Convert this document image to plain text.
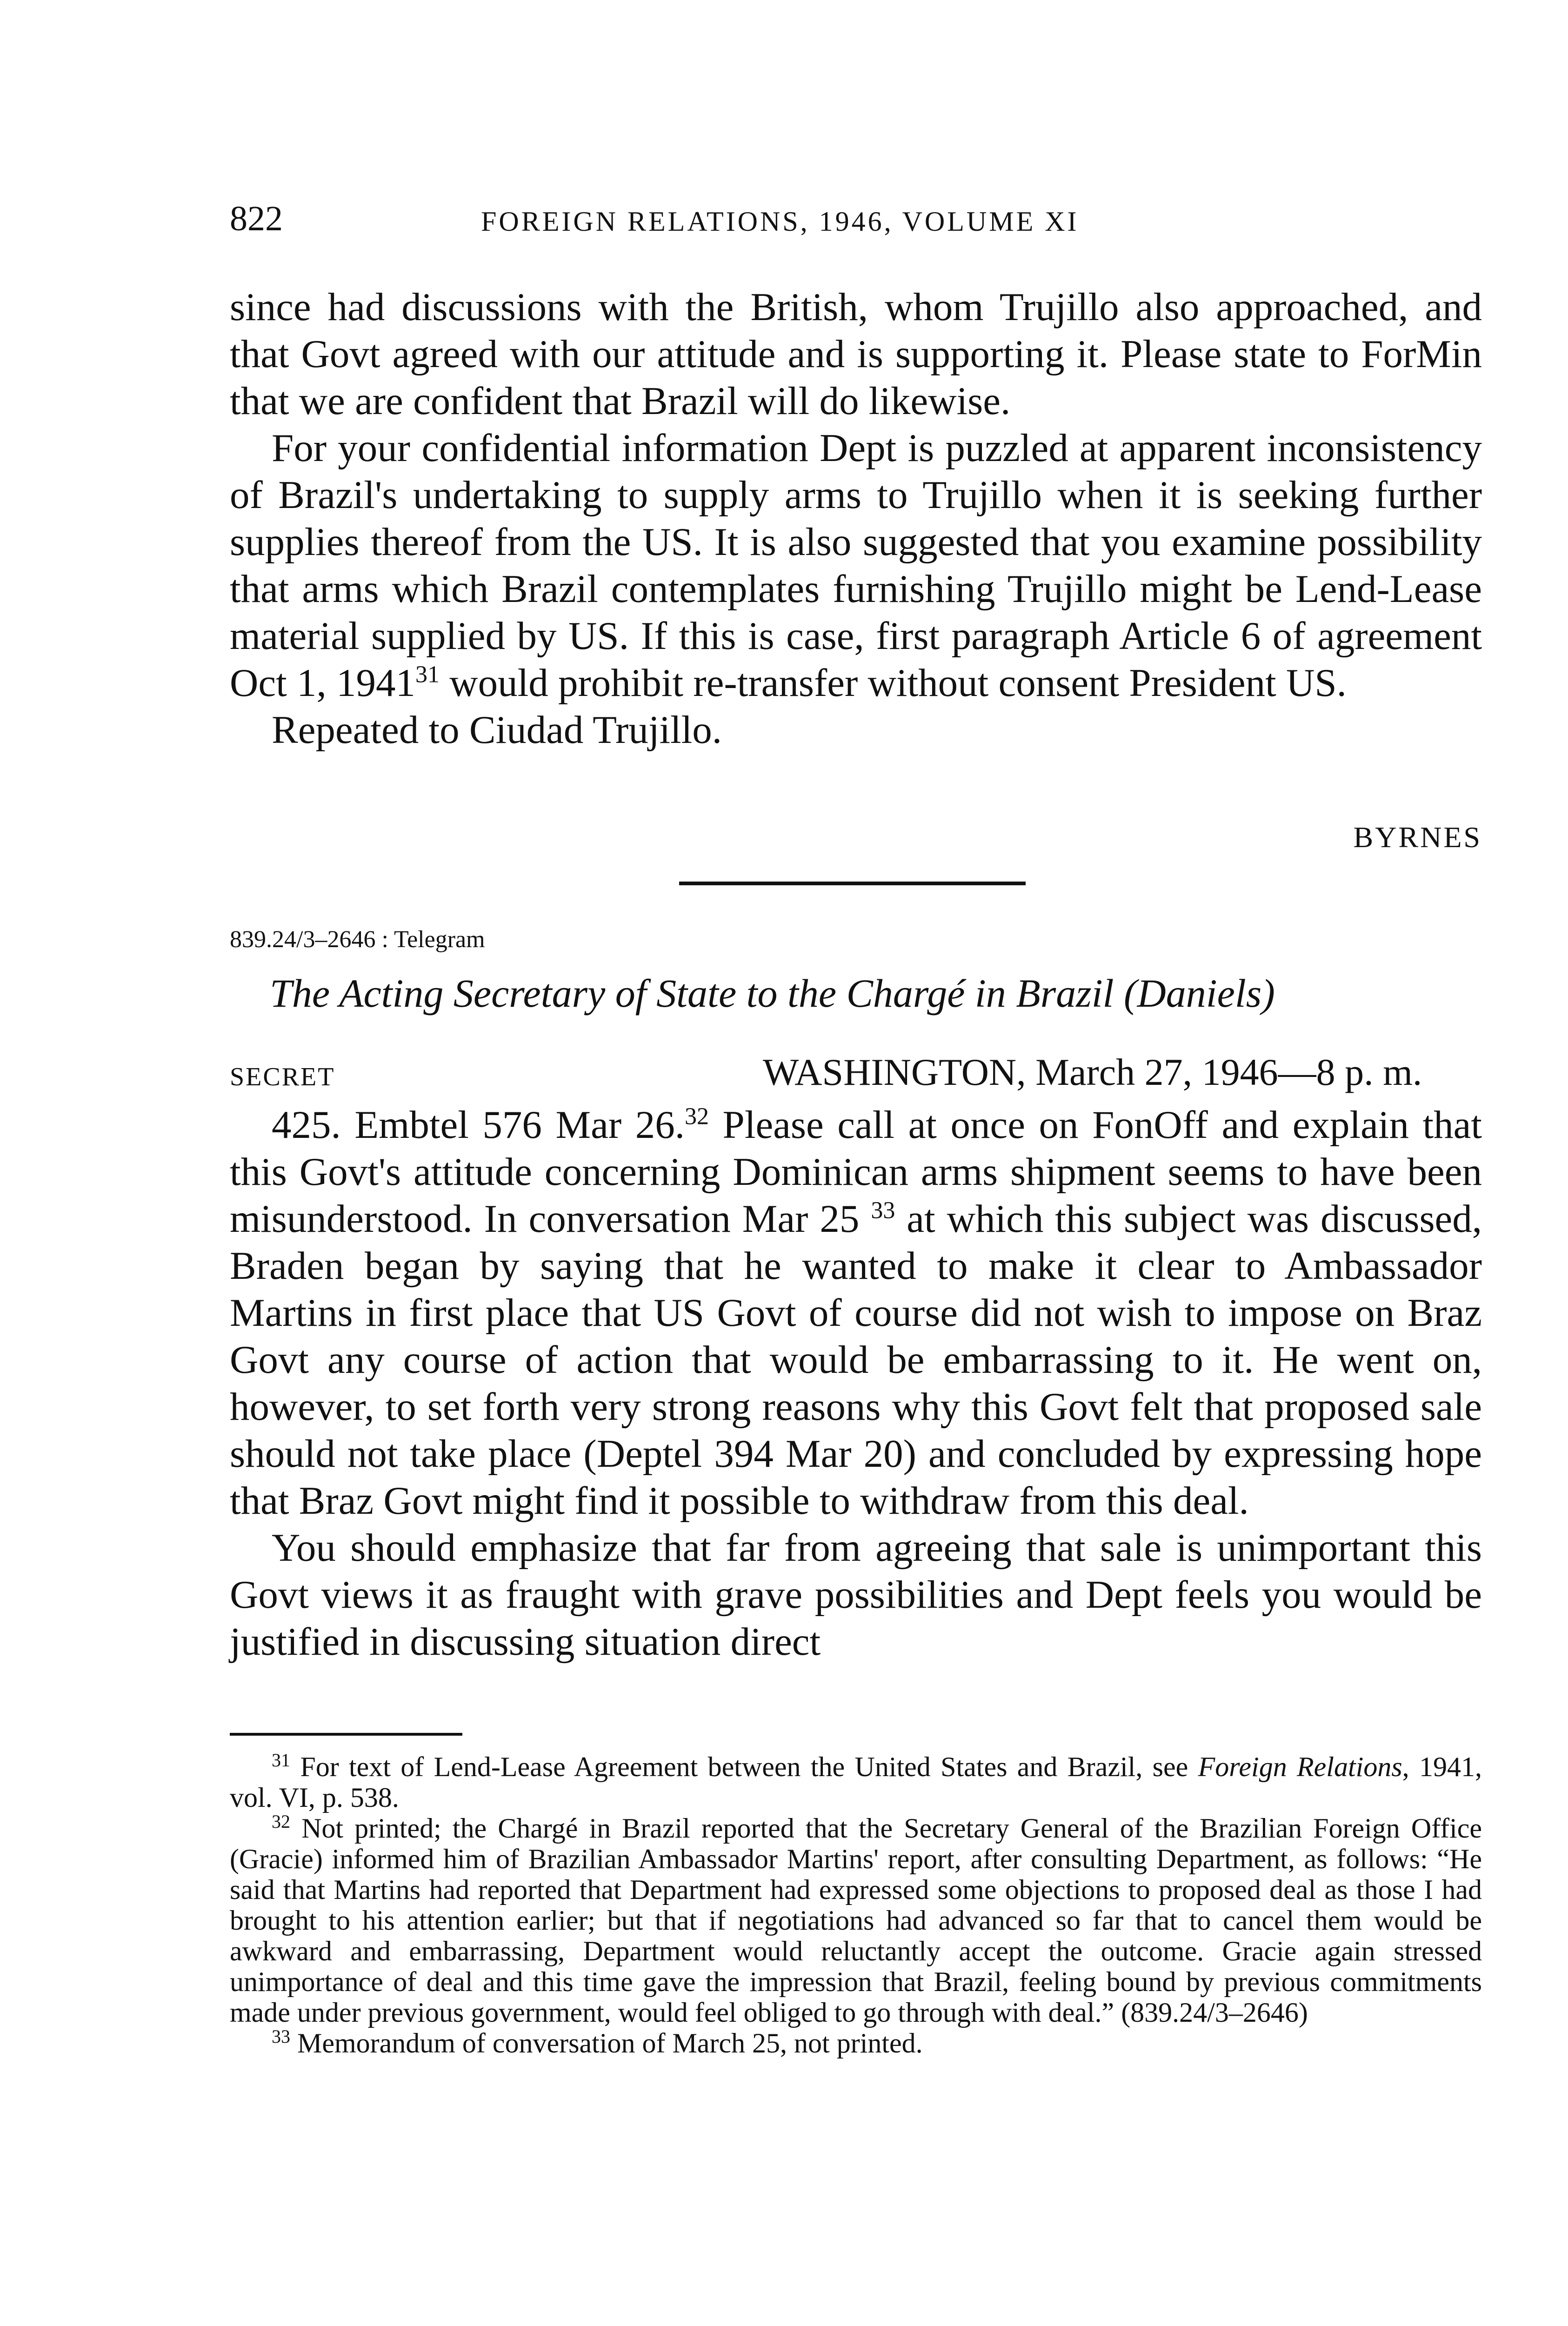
822	FOREIGN RELATIONS, 1946, VOLUME XI

since had discussions with the British, whom Trujillo also approached, and that Govt agreed with our attitude and is supporting it. Please state to ForMin that we are confident that Brazil will do likewise.

For your confidential information Dept is puzzled at apparent inconsistency of Brazil's undertaking to supply arms to Trujillo when it is seeking further supplies thereof from the US. It is also suggested that you examine possibility that arms which Brazil contemplates furnishing Trujillo might be Lend-Lease material supplied by US. If this is case, first paragraph Article 6 of agreement Oct 1, 1941$^{31}$ would prohibit re-transfer without consent President US.

Repeated to Ciudad Trujillo.

BYRNES
839.24/3–2646 : Telegram
The Acting Secretary of State to the Chargé in Brazil (Daniels)
SECRET	WASHINGTON, March 27, 1946—8 p. m.

425. Embtel 576 Mar 26.32 Please call at once on FonOff and explain that this Govt's attitude concerning Dominican arms shipment seems to have been misunderstood. In conversation Mar 25 $^{33}$ at which this subject was discussed, Braden began by saying that he wanted to make it clear to Ambassador Martins in first place that US Govt of course did not wish to impose on Braz Govt any course of action that would be embarrassing to it. He went on, however, to set forth very strong reasons why this Govt felt that proposed sale should not take place (Deptel 394 Mar 20) and concluded by expressing hope that Braz Govt might find it possible to withdraw from this deal.

You should emphasize that far from agreeing that sale is unimportant this Govt views it as fraught with grave possibilities and Dept feels you would be justified in discussing situation direct

$^{31}$ For text of Lend-Lease Agreement between the United States and Brazil, see Foreign Relations, 1941, vol. VI, p. 538.

$^{32}$ Not printed; the Chargé in Brazil reported that the Secretary General of the Brazilian Foreign Office (Gracie) informed him of Brazilian Ambassador Martins' report, after consulting Department, as follows: “He said that Martins had reported that Department had expressed some objections to proposed deal as those I had brought to his attention earlier; but that if negotiations had advanced so far that to cancel them would be awkward and embarrassing, Department would reluctantly accept the outcome. Gracie again stressed unimportance of deal and this time gave the impression that Brazil, feeling bound by previous commitments made under previous government, would feel obliged to go through with deal.” (839.24/3–2646)

$^{33}$ Memorandum of conversation of March 25, not printed.
